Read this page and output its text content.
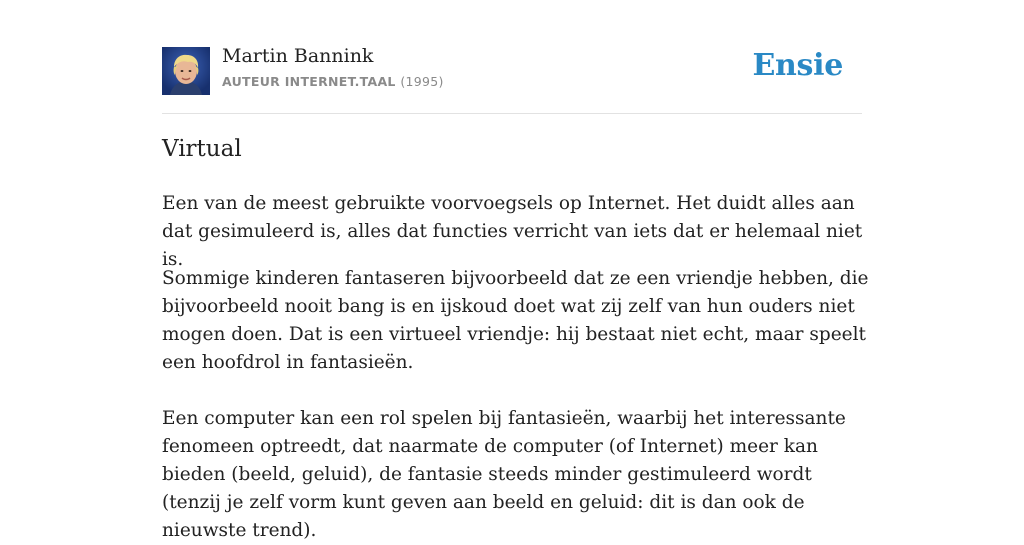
Martin Bannink
AUTEUR INTERNET.TAAL (1995)	Ensie
Virtual

Een van de meest gebruikte voorvoegsels op Internet. Het duidt alles aan dat gesimuleerd is, alles dat functies verricht van iets dat er helemaal niet is.

Sommige kinderen fantaseren bijvoorbeeld dat ze een vriendje hebben, die bijvoorbeeld nooit bang is en ijskoud doet wat zij zelf van hun ouders niet mogen doen. Dat is een virtueel vriendje: hij bestaat niet echt, maar speelt een hoofdrol in fantasieën.

Een computer kan een rol spelen bij fantasieën, waarbij het interessante fenomeen optreedt, dat naarmate de computer (of Internet) meer kan bieden (beeld, geluid), de fantasie steeds minder gestimuleerd wordt (tenzij je zelf vorm kunt geven aan beeld en geluid: dit is dan ook de nieuwste trend).
